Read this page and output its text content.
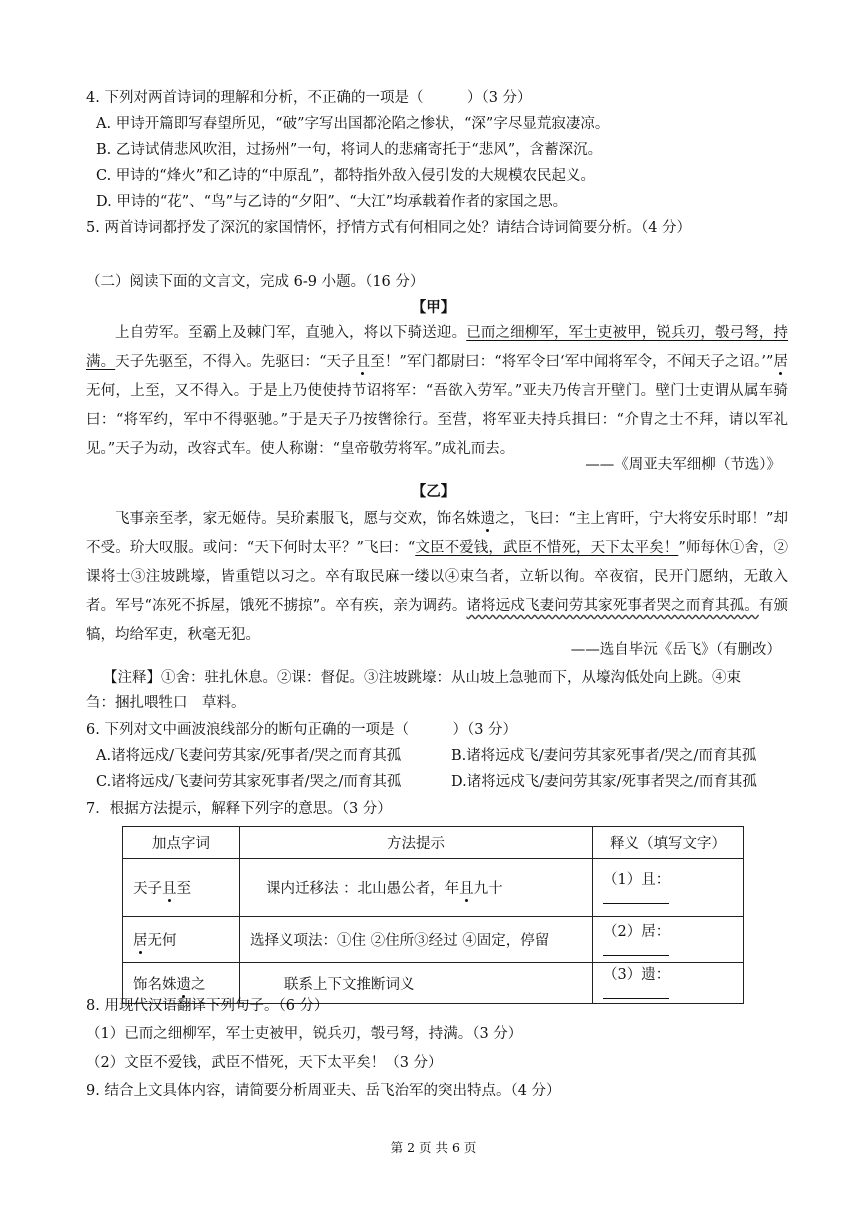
4. 下列对两首诗词的理解和分析，不正确的一项是（　　　）（3 分）
A. 甲诗开篇即写春望所见，“破”字写出国都沦陷之惨状，“深”字尽显荒寂凄凉。
B. 乙诗试倩悲风吹泪，过扬州”一句，将词人的悲痛寄托于“悲风”，含蓄深沉。
C. 甲诗的“烽火”和乙诗的“中原乱”，都特指外敌入侵引发的大规模农民起义。
D. 甲诗的“花”、“鸟”与乙诗的“夕阳”、“大江”均承载着作者的家国之思。
5. 两首诗词都抒发了深沉的家国情怀，抒情方式有何相同之处？请结合诗词简要分析。（4 分）
（二）阅读下面的文言文，完成 6-9 小题。（16 分）
【甲】
上自劳军。至霸上及棘门军，直驰入，将以下骑送迎。已而之细柳军，军士吏被甲，锐兵刃，彀弓弩，持满。天子先驱至，不得入。先驱曰：“天子且至！”军门都尉曰：“将军令曰‘军中闻将军令，不闻天子之诏。’”居无何，上至，又不得入。于是上乃使使持节诏将军：“吾欲入劳军。”亚夫乃传言开壁门。壁门士吏谓从属车骑曰：“将军约，军中不得驱驰。”于是天子乃按辔徐行。至营，将军亚夫持兵揖曰：“介胄之士不拜，请以军礼见。”天子为动，改容式车。使人称谢：“皇帝敬劳将军。”成礼而去。
——《周亚夫军细柳（节选）》
【乙】
飞事亲至孝，家无姬侍。吴玠素服飞，愿与交欢，饰名姝遗之，飞曰：“主上宵旰，宁大将安乐时耶！”却不受。玠大叹服。或问：“天下何时太平？”飞曰：“文臣不爱钱，武臣不惜死，天下太平矣！”师每休①舍，②课将士③注坡跳壕，皆重铠以习之。卒有取民麻一缕以④束刍者，立斩以徇。卒夜宿，民开门愿纳，无敢入者。军号“冻死不拆屋，饿死不掳掠”。卒有疾，亲为调药。诸将远戍飞妻问劳其家死事者哭之而育其孤。有颁犒，均给军吏，秋毫无犯。
——选自毕沅《岳飞》（有删改）
【注释】①舍：驻扎休息。②课：督促。③注坡跳壕：从山坡上急驰而下，从壕沟低处向上跳。④束
刍：捆扎喂牲口　草料。
6. 下列对文中画波浪线部分的断句正确的一项是（　　　）（3 分）
A.诸将远戍/飞妻问劳其家/死事者/哭之而育其孤	B.诸将远戍飞/妻问劳其家死事者/哭之/而育其孤
C.诸将远戍/飞妻问劳其家死事者/哭之/而育其孤	D.诸将远戍飞/妻问劳其家/死事者哭之/而育其孤
7．根据方法提示，解释下列字的意思。（3 分）
加点字词	方法提示	释义（填写文字）
天子且至	课内迁移法 ：北山愚公者，年且九十	（1）且：
居无何	选择义项法：①住 ②住所③经过 ④固定，停留	（2）居：
饰名姝遗之	联系上下文推断词义	（3）遗：
8. 用现代汉语翻译下列句子。（6 分）
（1）已而之细柳军，军士吏被甲，锐兵刃，彀弓弩，持满。（3 分）
（2）文臣不爱钱，武臣不惜死，天下太平矣！（3 分）
9. 结合上文具体内容，请简要分析周亚夫、岳飞治军的突出特点。（4 分）
第 2 页 共 6 页
